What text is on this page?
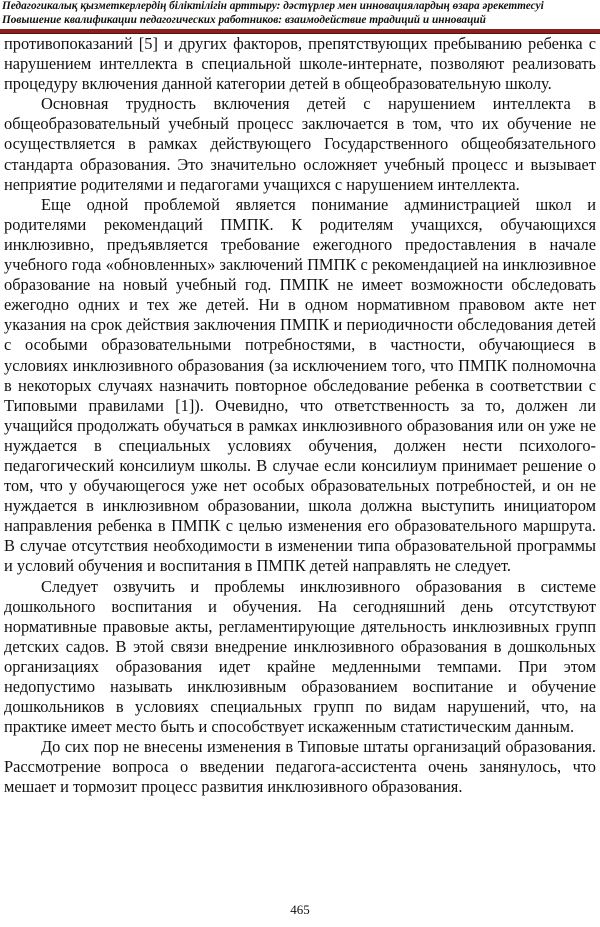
Педагогикалық қызметкерлердің біліктілігін арттыру: дәстүрлер мен инновациялардың өзара әрекеттесуі
Повышение квалификации педагогических работников: взаимодействие традиций и инноваций

противопоказаний [5] и других факторов, препятствующих пребыванию ребенка с нарушением интеллекта в специальной школе-интернате, позволяют реализовать процедуру включения данной категории детей в общеобразовательную школу.

Основная трудность включения детей с нарушением интеллекта в общеобразовательный учебный процесс заключается в том, что их обучение не осуществляется в рамках действующего Государственного общеобязательного стандарта образования. Это значительно осложняет учебный процесс и вызывает неприятие родителями и педагогами учащихся с нарушением интеллекта.

Еще одной проблемой является понимание администрацией школ и родителями рекомендаций ПМПК. К родителям учащихся, обучающихся инклюзивно, предъявляется требование ежегодного предоставления в начале учебного года «обновленных» заключений ПМПК с рекомендацией на инклюзивное образование на новый учебный год. ПМПК не имеет возможности обследовать ежегодно одних и тех же детей. Ни в одном нормативном правовом акте нет указания на срок действия заключения ПМПК и периодичности обследования детей с особыми образовательными потребностями, в частности, обучающиеся в условиях инклюзивного образования (за исключением того, что ПМПК полномочна в некоторых случаях назначить повторное обследование ребенка в соответствии с Типовыми правилами [1]). Очевидно, что ответственность за то, должен ли учащийся продолжать обучаться в рамках инклюзивного образования или он уже не нуждается в специальных условиях обучения, должен нести психолого-педагогический консилиум школы. В случае если консилиум принимает решение о том, что у обучающегося уже нет особых образовательных потребностей, и он не нуждается в инклюзивном образовании, школа должна выступить инициатором направления ребенка в ПМПК с целью изменения его образовательного маршрута. В случае отсутствия необходимости в изменении типа образовательной программы и условий обучения и воспитания в ПМПК детей направлять не следует.

Следует озвучить и проблемы инклюзивного образования в системе дошкольного воспитания и обучения. На сегодняшний день отсутствуют нормативные правовые акты, регламентирующие дятельность инклюзивных групп детских садов. В этой связи внедрение инклюзивного образования в дошкольных организациях образования идет крайне медленными темпами. При этом недопустимо называть инклюзивным образованием воспитание и обучение дошкольников в условиях специальных групп по видам нарушений, что, на практике имеет место быть и способствует искаженным статистическим данным.

До сих пор не внесены изменения в Типовые штаты организаций образования. Рассмотрение вопроса о введении педагога-ассистента очень занянулось, что мешает и тормозит процесс развития инклюзивного образования.

465
